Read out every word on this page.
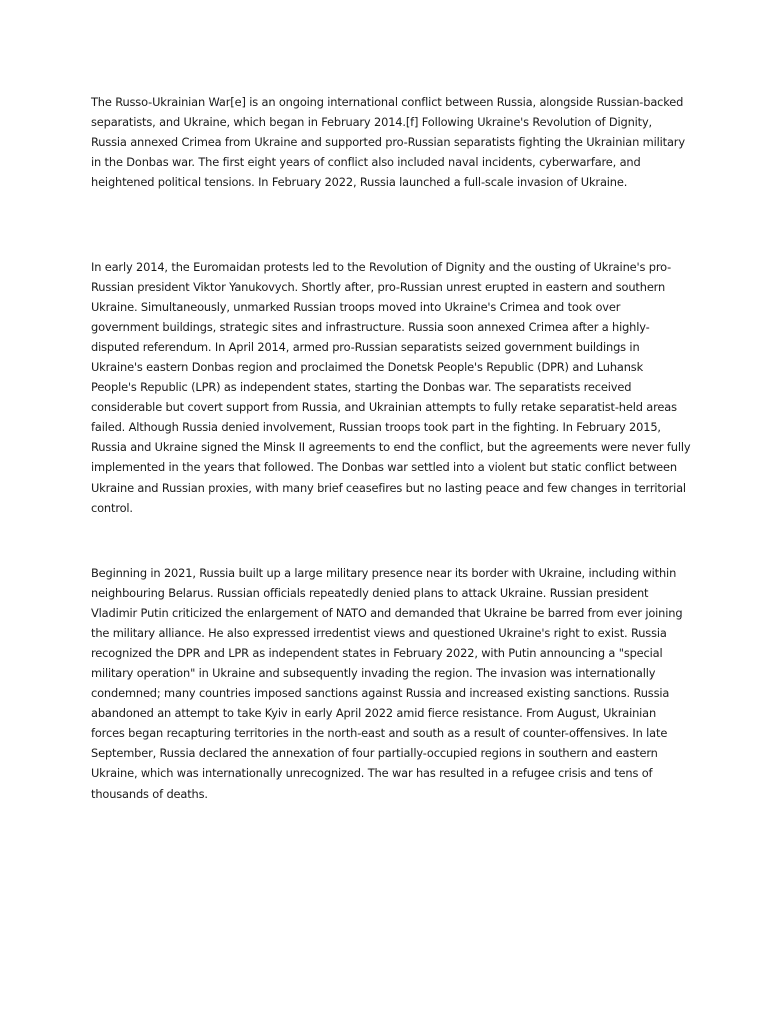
The Russo-Ukrainian War[e] is an ongoing international conflict between Russia, alongside Russian-backed separatists, and Ukraine, which began in February 2014.[f] Following Ukraine's Revolution of Dignity, Russia annexed Crimea from Ukraine and supported pro-Russian separatists fighting the Ukrainian military in the Donbas war. The first eight years of conflict also included naval incidents, cyberwarfare, and heightened political tensions. In February 2022, Russia launched a full-scale invasion of Ukraine.

In early 2014, the Euromaidan protests led to the Revolution of Dignity and the ousting of Ukraine's pro-Russian president Viktor Yanukovych. Shortly after, pro-Russian unrest erupted in eastern and southern Ukraine. Simultaneously, unmarked Russian troops moved into Ukraine's Crimea and took over government buildings, strategic sites and infrastructure. Russia soon annexed Crimea after a highly-disputed referendum. In April 2014, armed pro-Russian separatists seized government buildings in Ukraine's eastern Donbas region and proclaimed the Donetsk People's Republic (DPR) and Luhansk People's Republic (LPR) as independent states, starting the Donbas war. The separatists received considerable but covert support from Russia, and Ukrainian attempts to fully retake separatist-held areas failed. Although Russia denied involvement, Russian troops took part in the fighting. In February 2015, Russia and Ukraine signed the Minsk II agreements to end the conflict, but the agreements were never fully implemented in the years that followed. The Donbas war settled into a violent but static conflict between Ukraine and Russian proxies, with many brief ceasefires but no lasting peace and few changes in territorial control.

Beginning in 2021, Russia built up a large military presence near its border with Ukraine, including within neighbouring Belarus. Russian officials repeatedly denied plans to attack Ukraine. Russian president Vladimir Putin criticized the enlargement of NATO and demanded that Ukraine be barred from ever joining the military alliance. He also expressed irredentist views and questioned Ukraine's right to exist. Russia recognized the DPR and LPR as independent states in February 2022, with Putin announcing a "special military operation" in Ukraine and subsequently invading the region. The invasion was internationally condemned; many countries imposed sanctions against Russia and increased existing sanctions. Russia abandoned an attempt to take Kyiv in early April 2022 amid fierce resistance. From August, Ukrainian forces began recapturing territories in the north-east and south as a result of counter-offensives. In late September, Russia declared the annexation of four partially-occupied regions in southern and eastern Ukraine, which was internationally unrecognized. The war has resulted in a refugee crisis and tens of thousands of deaths.
